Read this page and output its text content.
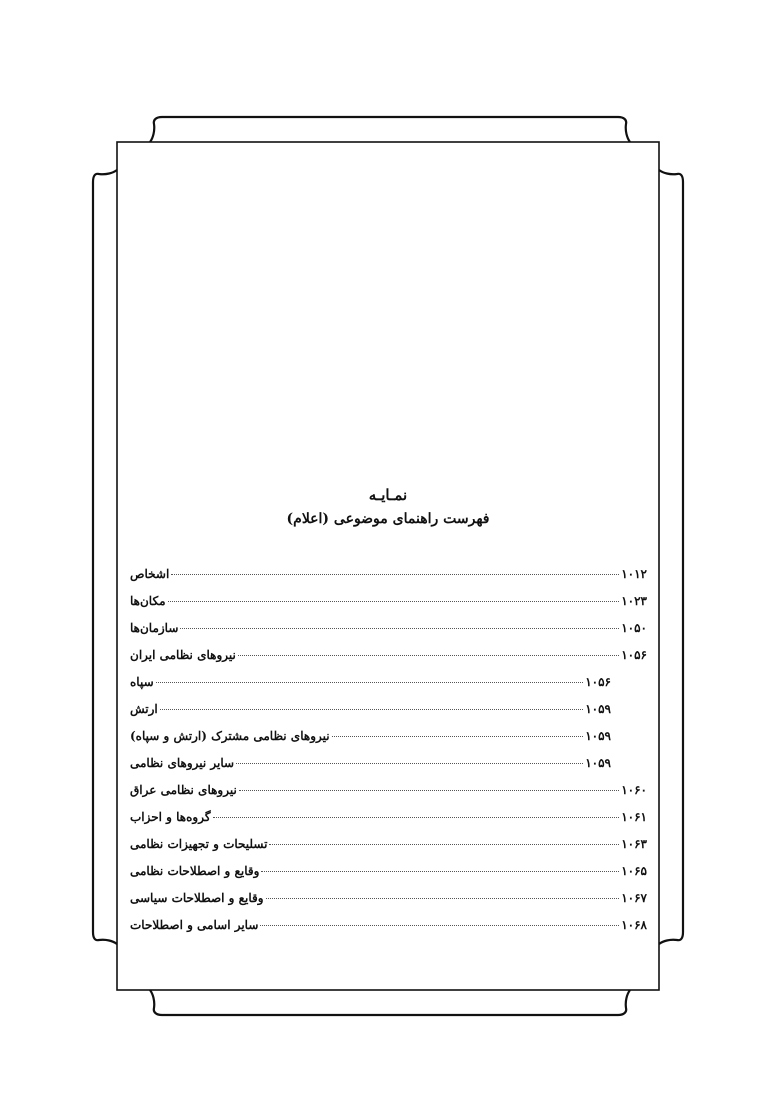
نمـایـه
فهرست راهنمای موضوعی (اعلام)
اشخاص	۱۰۱۲
مکان‌ها	۱۰۲۳
سازمان‌ها	۱۰۵۰
نیروهای نظامی ایران	۱۰۵۶
سپاه	۱۰۵۶
ارتش	۱۰۵۹
نیروهای نظامی مشترک (ارتش و سپاه)	۱۰۵۹
سایر نیروهای نظامی	۱۰۵۹
نیروهای نظامی عراق	۱۰۶۰
گروه‌ها و احزاب	۱۰۶۱
تسلیحات و تجهیزات نظامی	۱۰۶۳
وقایع و اصطلاحات نظامی	۱۰۶۵
وقایع و اصطلاحات سیاسی	۱۰۶۷
سایر اسامی و اصطلاحات	۱۰۶۸
